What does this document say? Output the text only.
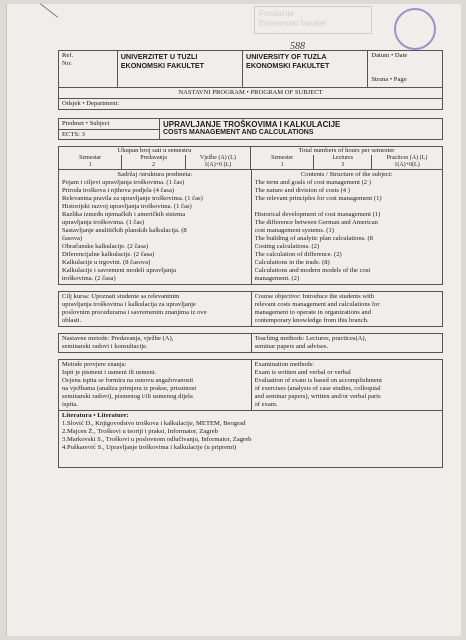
Fondacija
Ekonomski fakultet

588
Ref.
No:
UNIVERZITET U TUZLI
EKONOMSKI FAKULTET
UNIVERSITY OF TUZLA
EKONOMSKI FAKULTET
Datum • Date
Strana • Page
NASTAVNI PROGRAM • PROGRAM OF SUBJECT
Odsjek • Department:
Predmet • Subject
ECTS: 3
UPRAVLJANJE TROŠKOVIMA I KALKULACIJE
COSTS MANAGEMENT AND CALCULATIONS
Ukupan broj sati u semestru
Semestar	Predavanja	Vježbe (A) (L)
1	2	1(A)+0 (L)
Total numbers of hours per semester
Semester	Lectures	Practices (A) (L)
1	3	1(A)+0(L)
Sadržaj /struktura predmeta:
Pojam i ciljevi upravljanja troškovima. (1 čas)
Priroda troškova i njihova podjela (4 časa)
Relevantna pravila za upravljanje troškovima. (1 čas)
Historijski razvoj upravljanja troškovima. (1 čas)
Razlika između njemačkih i američkih sistema
upravljanja troškovima. (1 čas)
Sastavljanje analitičkih planskih kalkulacija. (8
časova)
Obračunske kalkulacije. (2 časa)
Diferencijalne kalkulacije. (2 časa)
Kalkulacije u trgovini. (8 časova)
Kalkulacije i savremeni modeli upravljanja
troškovima. (2 časa)
Contents / Structure of the subject:
The term and goals of cost management (2 )
The nature and division of costs (4 )
The relevant principles for cost management (1)
Historical development of cost management (1)
The difference between German and American
cost management systems. (1)
The building of analytic plan calculations. (8
Costing calculations. (2)
The calculation of difference. (2)
Calculations in the trade. (8)
Calculations and modern models of the cost
management. (2)
Cilj kursa: Upoznati studente sa relevantnim
upravljanja troškovima i kalkulacija za upravljanje
poslovnim procedurama i savremenim znanjima iz ove
oblasti.
Course objective: Introduce the students with
relevant costs management and calculations for
management to operate in organizations and
contemporary knowledge from this branch.
Nastavne metode: Predavanja, vježbe (A),
seminarski radovi i konsultacije.
Teaching methods: Lectures, practices(A),
seminar papers and advises.
Metode provjere znanja:
Ispit je pismeni i usmeni ili usmeni.
Ocjena ispita se formira na osnovu angažovanosti
na vježbama (analiza primjera iz prakse, prisutnost
seminarski radovi), pismenog i/ili usmenog dijela
ispita.
Examination methods:
Exam is written and verbal or verbal
Evaluation of exam is based on accomplishment
of exercises (analysis of case studies, colloquial
and seminar papers), written and/or verbal parts
of exam.
Literatura • Literature:
1.Slović D., Knjigovodstvo troškova i kalkulacije, METEM, Beograd
2.Majcen Ž., Troškovi u teoriji i praksi, Informator, Zagreb
3.Markovski S., Troškovi u poslovnom odlučivanju, Informator, Zagreb
4.Puškarević S., Upravljanje troškovima i kalkulacije (u pripremi)
